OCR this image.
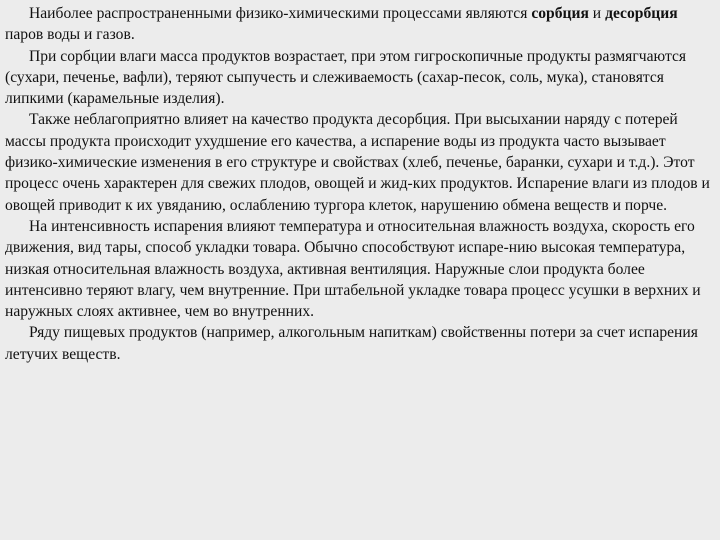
Наиболее распространенными физико-химическими процессами являются сорбция и десорбция паров воды и газов.

При сорбции влаги масса продуктов возрастает, при этом гигроскопичные продукты размягчаются (сухари, печенье, вафли), теряют сыпучесть и слеживаемость (сахар-песок, соль, мука), становятся липкими (карамельные изделия).

Также неблагоприятно влияет на качество продукта десорбция. При высыхании наряду с потерей массы продукта происходит ухудшение его качества, а испарение воды из продукта часто вызывает физико-химические изменения в его структуре и свойствах (хлеб, печенье, баранки, сухари и т.д.). Этот процесс очень характерен для свежих плодов, овощей и жид-ких продуктов. Испарение влаги из плодов и овощей приводит к их увяданию, ослаблению тургора клеток, нарушению обмена веществ и порче.

На интенсивность испарения влияют температура и относительная влажность воздуха, скорость его движения, вид тары, способ укладки товара. Обычно способствуют испаре-нию высокая температура, низкая относительная влажность воздуха, активная вентиляция. Наружные слои продукта более интенсивно теряют влагу, чем внутренние. При штабельной укладке товара процесс усушки в верхних и наружных слоях активнее, чем во внутренних.

Ряду пищевых продуктов (например, алкогольным напиткам) свойственны потери за счет испарения летучих веществ.
